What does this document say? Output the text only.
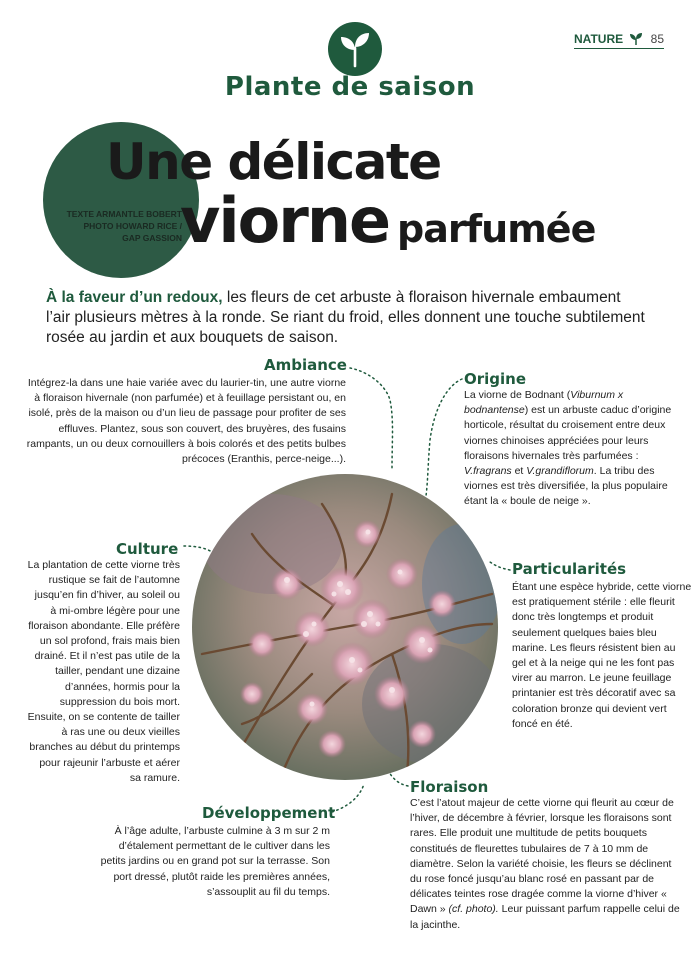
NATURE 85
Plante de saison
Une délicate
viorne parfumée
TEXTE ARMANTLE BOBERT
PHOTO HOWARD RICE /
GAP GASSION
À la faveur d’un redoux, les fleurs de cet arbuste à floraison hivernale embaument l’air plusieurs mètres à la ronde. Se riant du froid, elles donnent une touche subtilement rosée au jardin et aux bouquets de saison.
Ambiance
Intégrez-la dans une haie variée avec du laurier-tin, une autre viorne à floraison hivernale (non parfumée) et à feuillage persistant ou, en isolé, près de la maison ou d’un lieu de passage pour profiter de ses effluves. Plantez, sous son couvert, des bruyères, des fusains rampants, un ou deux cornouillers à bois colorés et des petits bulbes précoces (Eranthis, perce-neige...).
Origine
La viorne de Bodnant (Viburnum x bodnantense) est un arbuste caduc d’origine horticole, résultat du croisement entre deux viornes chinoises appréciées pour leurs floraisons hivernales très parfumées : V.fragrans et V.grandiflorum. La tribu des viornes est très diversifiée, la plus populaire étant la « boule de neige ».
Culture
La plantation de cette viorne très rustique se fait de l’automne jusqu’en fin d’hiver, au soleil ou à mi-ombre légère pour une floraison abondante. Elle préfère un sol profond, frais mais bien drainé. Et il n’est pas utile de la tailler, pendant une dizaine d’années, hormis pour la suppression du bois mort. Ensuite, on se contente de tailler à ras une ou deux vieilles branches au début du printemps pour rajeunir l’arbuste et aérer sa ramure.
Particularités
Étant une espèce hybride, cette viorne est pratiquement stérile : elle fleurit donc très longtemps et produit seulement quelques baies bleu marine. Les fleurs résistent bien au gel et à la neige qui ne les font pas virer au marron. Le jeune feuillage printanier est très décoratif avec sa coloration bronze qui devient vert foncé en été.
Développement
À l’âge adulte, l’arbuste culmine à 3 m sur 2 m d’étalement permettant de le cultiver dans les petits jardins ou en grand pot sur la terrasse. Son port dressé, plutôt raide les premières années, s’assouplit au fil du temps.
Floraison
C’est l’atout majeur de cette viorne qui fleurit au cœur de l’hiver, de décembre à février, lorsque les floraisons sont rares. Elle produit une multitude de petits bouquets constitués de fleurettes tubulaires de 7 à 10 mm de diamètre. Selon la variété choisie, les fleurs se déclinent du rose foncé jusqu’au blanc rosé en passant par de délicates teintes rose dragée comme la viorne d’hiver « Dawn » (cf. photo). Leur puissant parfum rappelle celui de la jacinthe.
